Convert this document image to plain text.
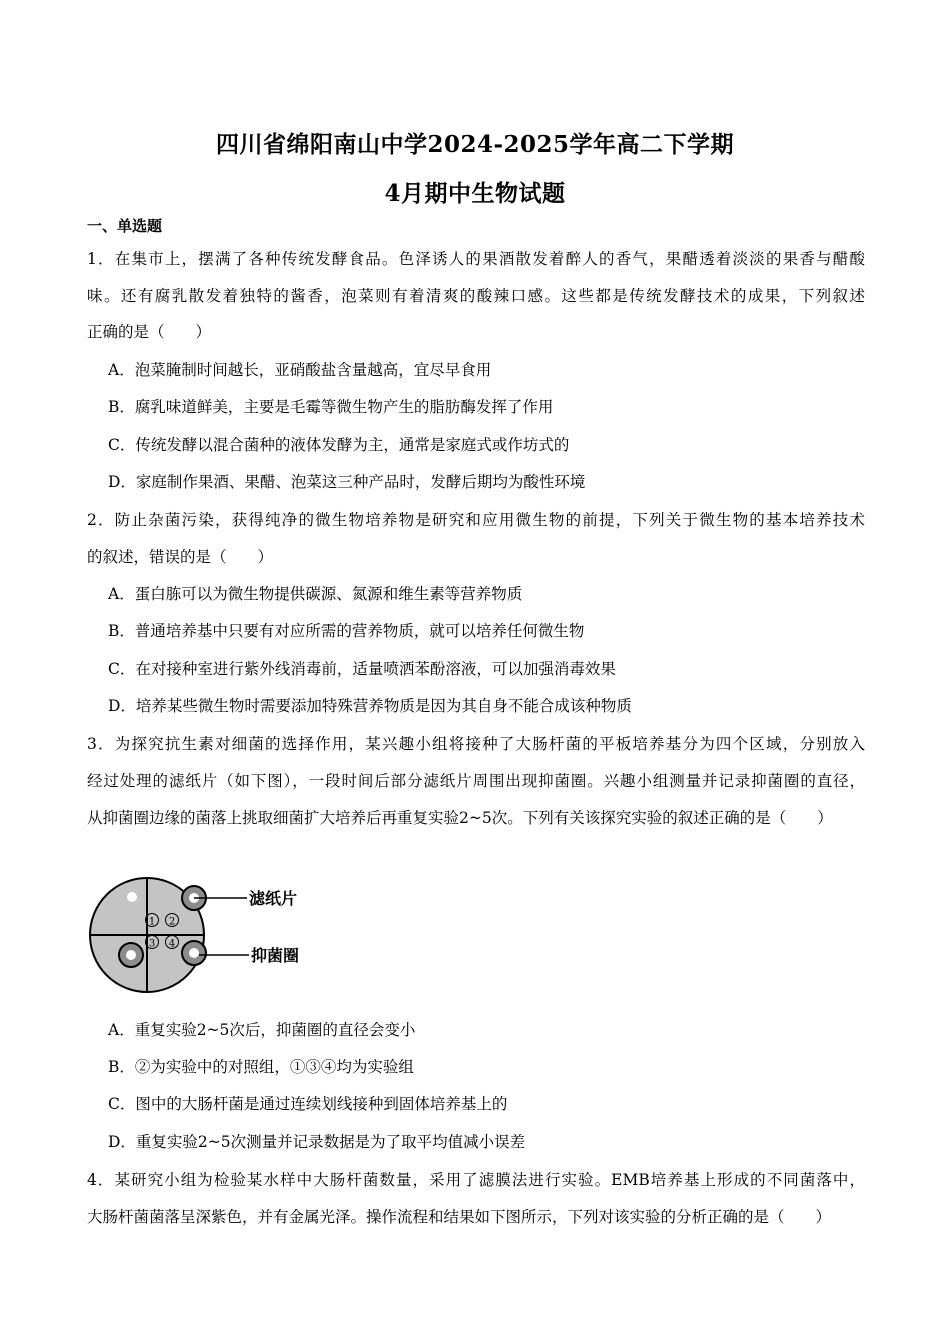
四川省绵阳南山中学2024-2025学年高二下学期
4月期中生物试题
一、单选题
1．在集市上，摆满了各种传统发酵食品。色泽诱人的果酒散发着醉人的香气，果醋透着淡淡的果香与醋酸
味。还有腐乳散发着独特的酱香，泡菜则有着清爽的酸辣口感。这些都是传统发酵技术的成果，下列叙述
正确的是（　　）
A．泡菜腌制时间越长，亚硝酸盐含量越高，宜尽早食用
B．腐乳味道鲜美，主要是毛霉等微生物产生的脂肪酶发挥了作用
C．传统发酵以混合菌种的液体发酵为主，通常是家庭式或作坊式的
D．家庭制作果酒、果醋、泡菜这三种产品时，发酵后期均为酸性环境
2．防止杂菌污染，获得纯净的微生物培养物是研究和应用微生物的前提，下列关于微生物的基本培养技术
的叙述，错误的是（　　）
A．蛋白胨可以为微生物提供碳源、氮源和维生素等营养物质
B．普通培养基中只要有对应所需的营养物质，就可以培养任何微生物
C．在对接种室进行紫外线消毒前，适量喷洒苯酚溶液，可以加强消毒效果
D．培养某些微生物时需要添加特殊营养物质是因为其自身不能合成该种物质
3．为探究抗生素对细菌的选择作用，某兴趣小组将接种了大肠杆菌的平板培养基分为四个区域，分别放入
经过处理的滤纸片（如下图），一段时间后部分滤纸片周围出现抑菌圈。兴趣小组测量并记录抑菌圈的直径，
从抑菌圈边缘的菌落上挑取细菌扩大培养后再重复实验2~5次。下列有关该探究实验的叙述正确的是（　　）
1 2
3 4
滤纸片
抑菌圈
A．重复实验2~5次后，抑菌圈的直径会变小
B．②为实验中的对照组，①③④均为实验组
C．图中的大肠杆菌是通过连续划线接种到固体培养基上的
D．重复实验2~5次测量并记录数据是为了取平均值减小误差
4．某研究小组为检验某水样中大肠杆菌数量，采用了滤膜法进行实验。EMB培养基上形成的不同菌落中，
大肠杆菌菌落呈深紫色，并有金属光泽。操作流程和结果如下图所示，下列对该实验的分析正确的是（　　）
